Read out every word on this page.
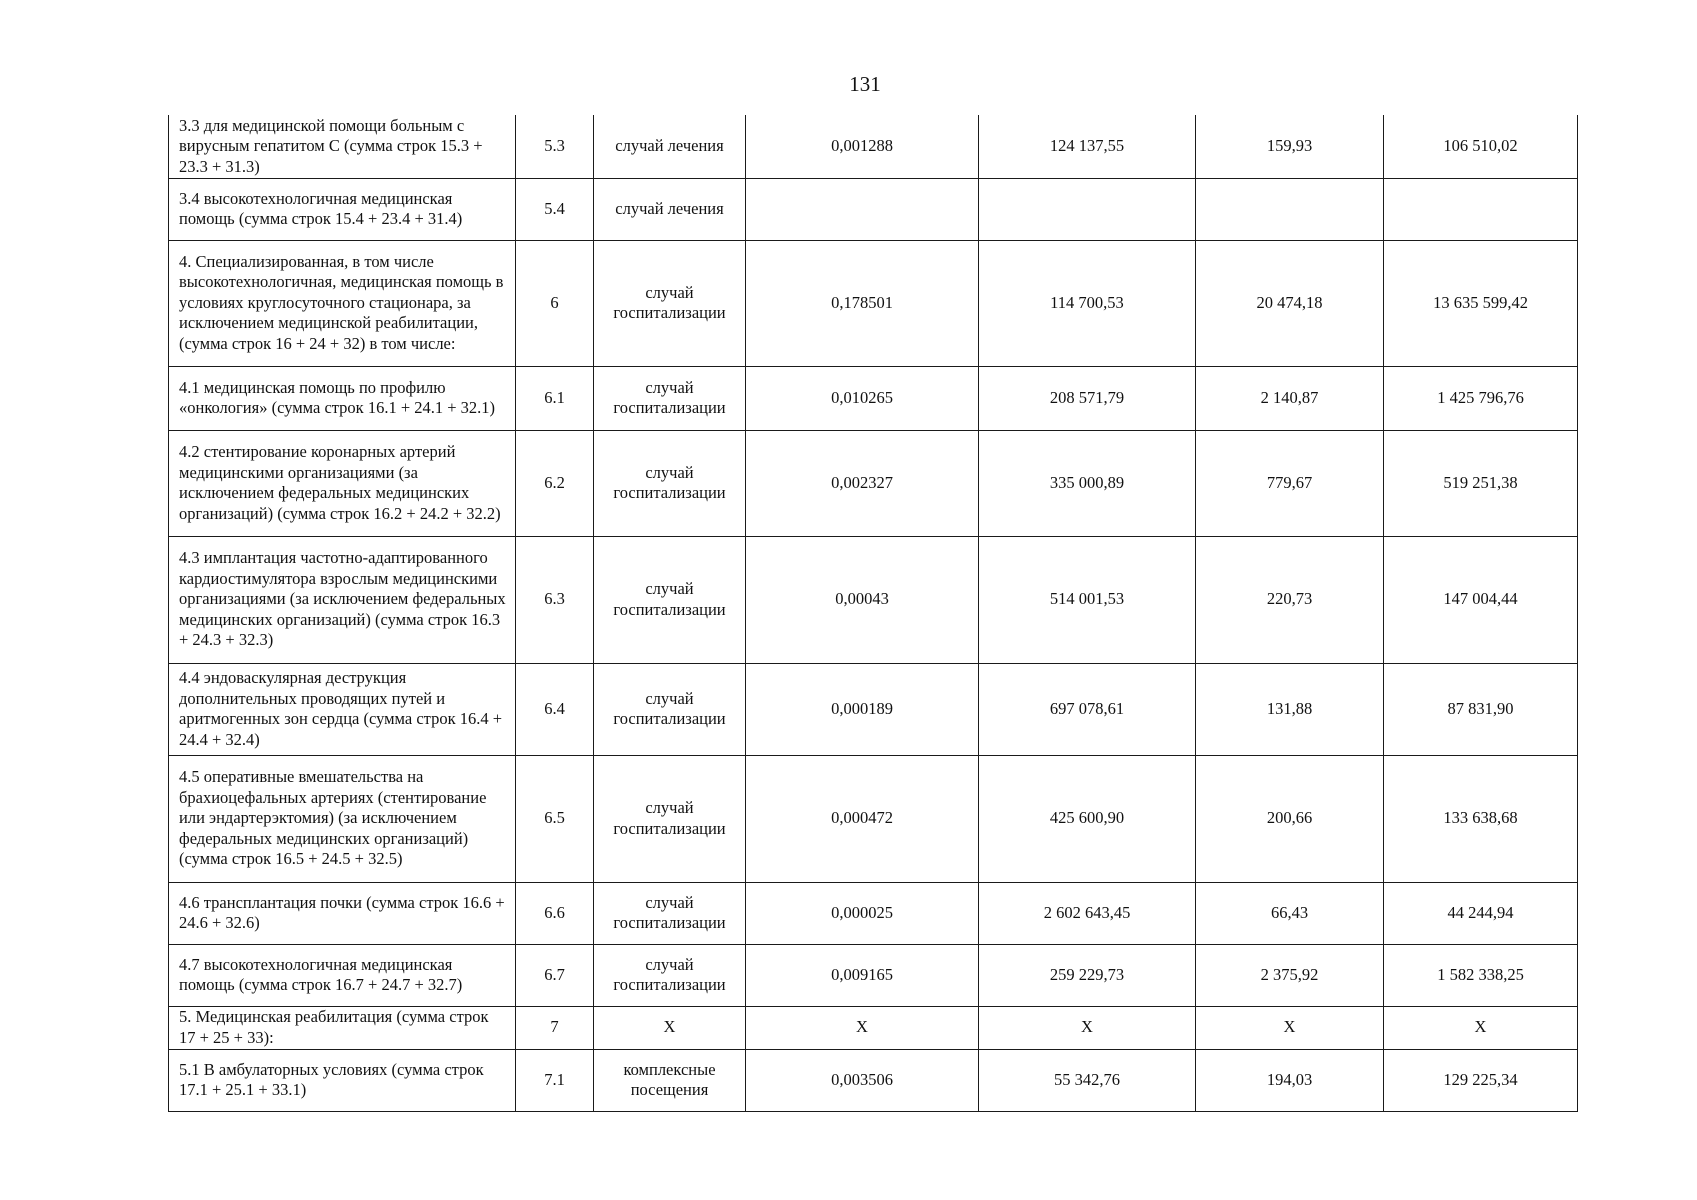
131
3.3 для медицинской помощи больным с вирусным гепатитом С (сумма строк 15.3 + 23.3 + 31.3)	5.3	случай лечения	0,001288	124 137,55	159,93	106 510,02
3.4 высокотехнологичная медицинская помощь (сумма строк 15.4 + 23.4 + 31.4)	5.4	случай лечения				
4. Специализированная, в том числе высокотехнологичная, медицинская помощь в условиях круглосуточного стационара, за исключением медицинской реабилитации, (сумма строк 16 + 24 + 32) в том числе:	6	случай госпитализации	0,178501	114 700,53	20 474,18	13 635 599,42
4.1 медицинская помощь по профилю «онкология» (сумма строк 16.1 + 24.1 + 32.1)	6.1	случай госпитализации	0,010265	208 571,79	2 140,87	1 425 796,76
4.2 стентирование коронарных артерий медицинскими организациями (за исключением федеральных медицинских организаций) (сумма строк 16.2 + 24.2 + 32.2)	6.2	случай госпитализации	0,002327	335 000,89	779,67	519 251,38
4.3 имплантация частотно-адаптированного кардиостимулятора взрослым медицинскими организациями (за исключением федеральных медицинских организаций) (сумма строк 16.3 + 24.3 + 32.3)	6.3	случай госпитализации	0,00043	514 001,53	220,73	147 004,44
4.4 эндоваскулярная деструкция дополнительных проводящих путей и аритмогенных зон сердца (сумма строк 16.4 + 24.4 + 32.4)	6.4	случай госпитализации	0,000189	697 078,61	131,88	87 831,90
4.5 оперативные вмешательства на брахиоцефальных артериях (стентирование или эндартерэктомия) (за исключением федеральных медицинских организаций) (сумма строк 16.5 + 24.5 + 32.5)	6.5	случай госпитализации	0,000472	425 600,90	200,66	133 638,68
4.6 трансплантация почки (сумма строк 16.6 + 24.6 + 32.6)	6.6	случай госпитализации	0,000025	2 602 643,45	66,43	44 244,94
4.7 высокотехнологичная медицинская помощь (сумма строк 16.7 + 24.7 + 32.7)	6.7	случай госпитализации	0,009165	259 229,73	2 375,92	1 582 338,25
5. Медицинская реабилитация (сумма строк 17 + 25 + 33):	7	X	X	X	X	X
5.1 В амбулаторных условиях (сумма строк 17.1 + 25.1 + 33.1)	7.1	комплексные посещения	0,003506	55 342,76	194,03	129 225,34
